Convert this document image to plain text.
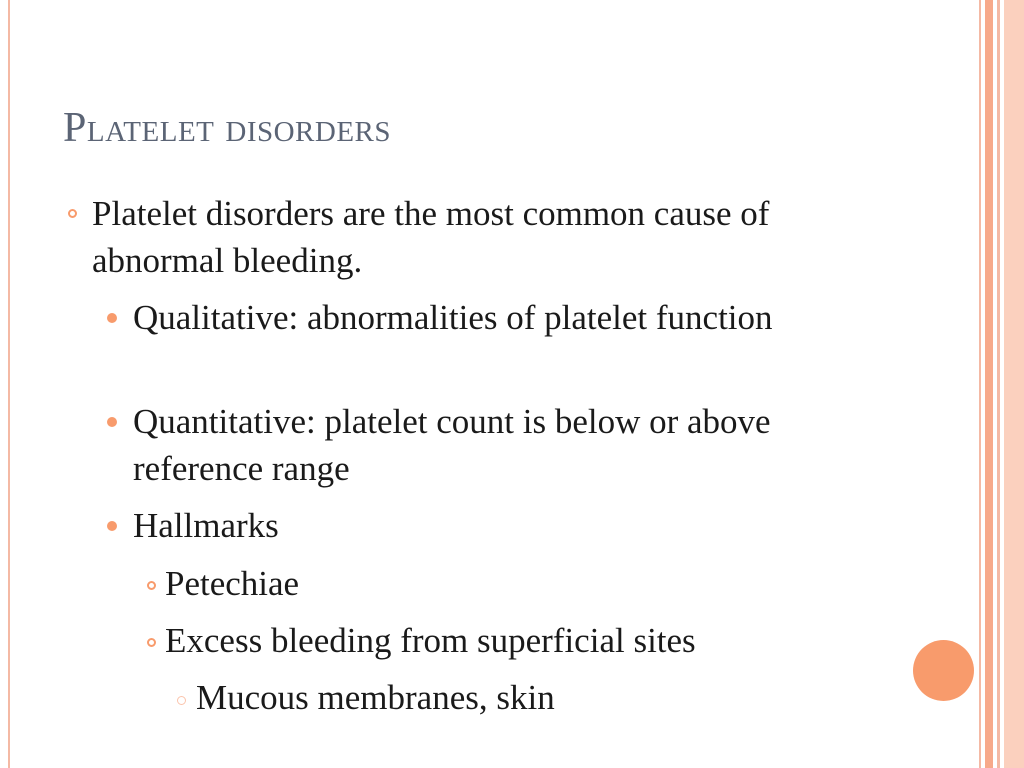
Platelet disorders
Platelet disorders are the most common cause of abnormal bleeding.
Qualitative: abnormalities of platelet function
Quantitative: platelet count is below or above reference range
Hallmarks
Petechiae
Excess bleeding from superficial sites
Mucous membranes, skin
